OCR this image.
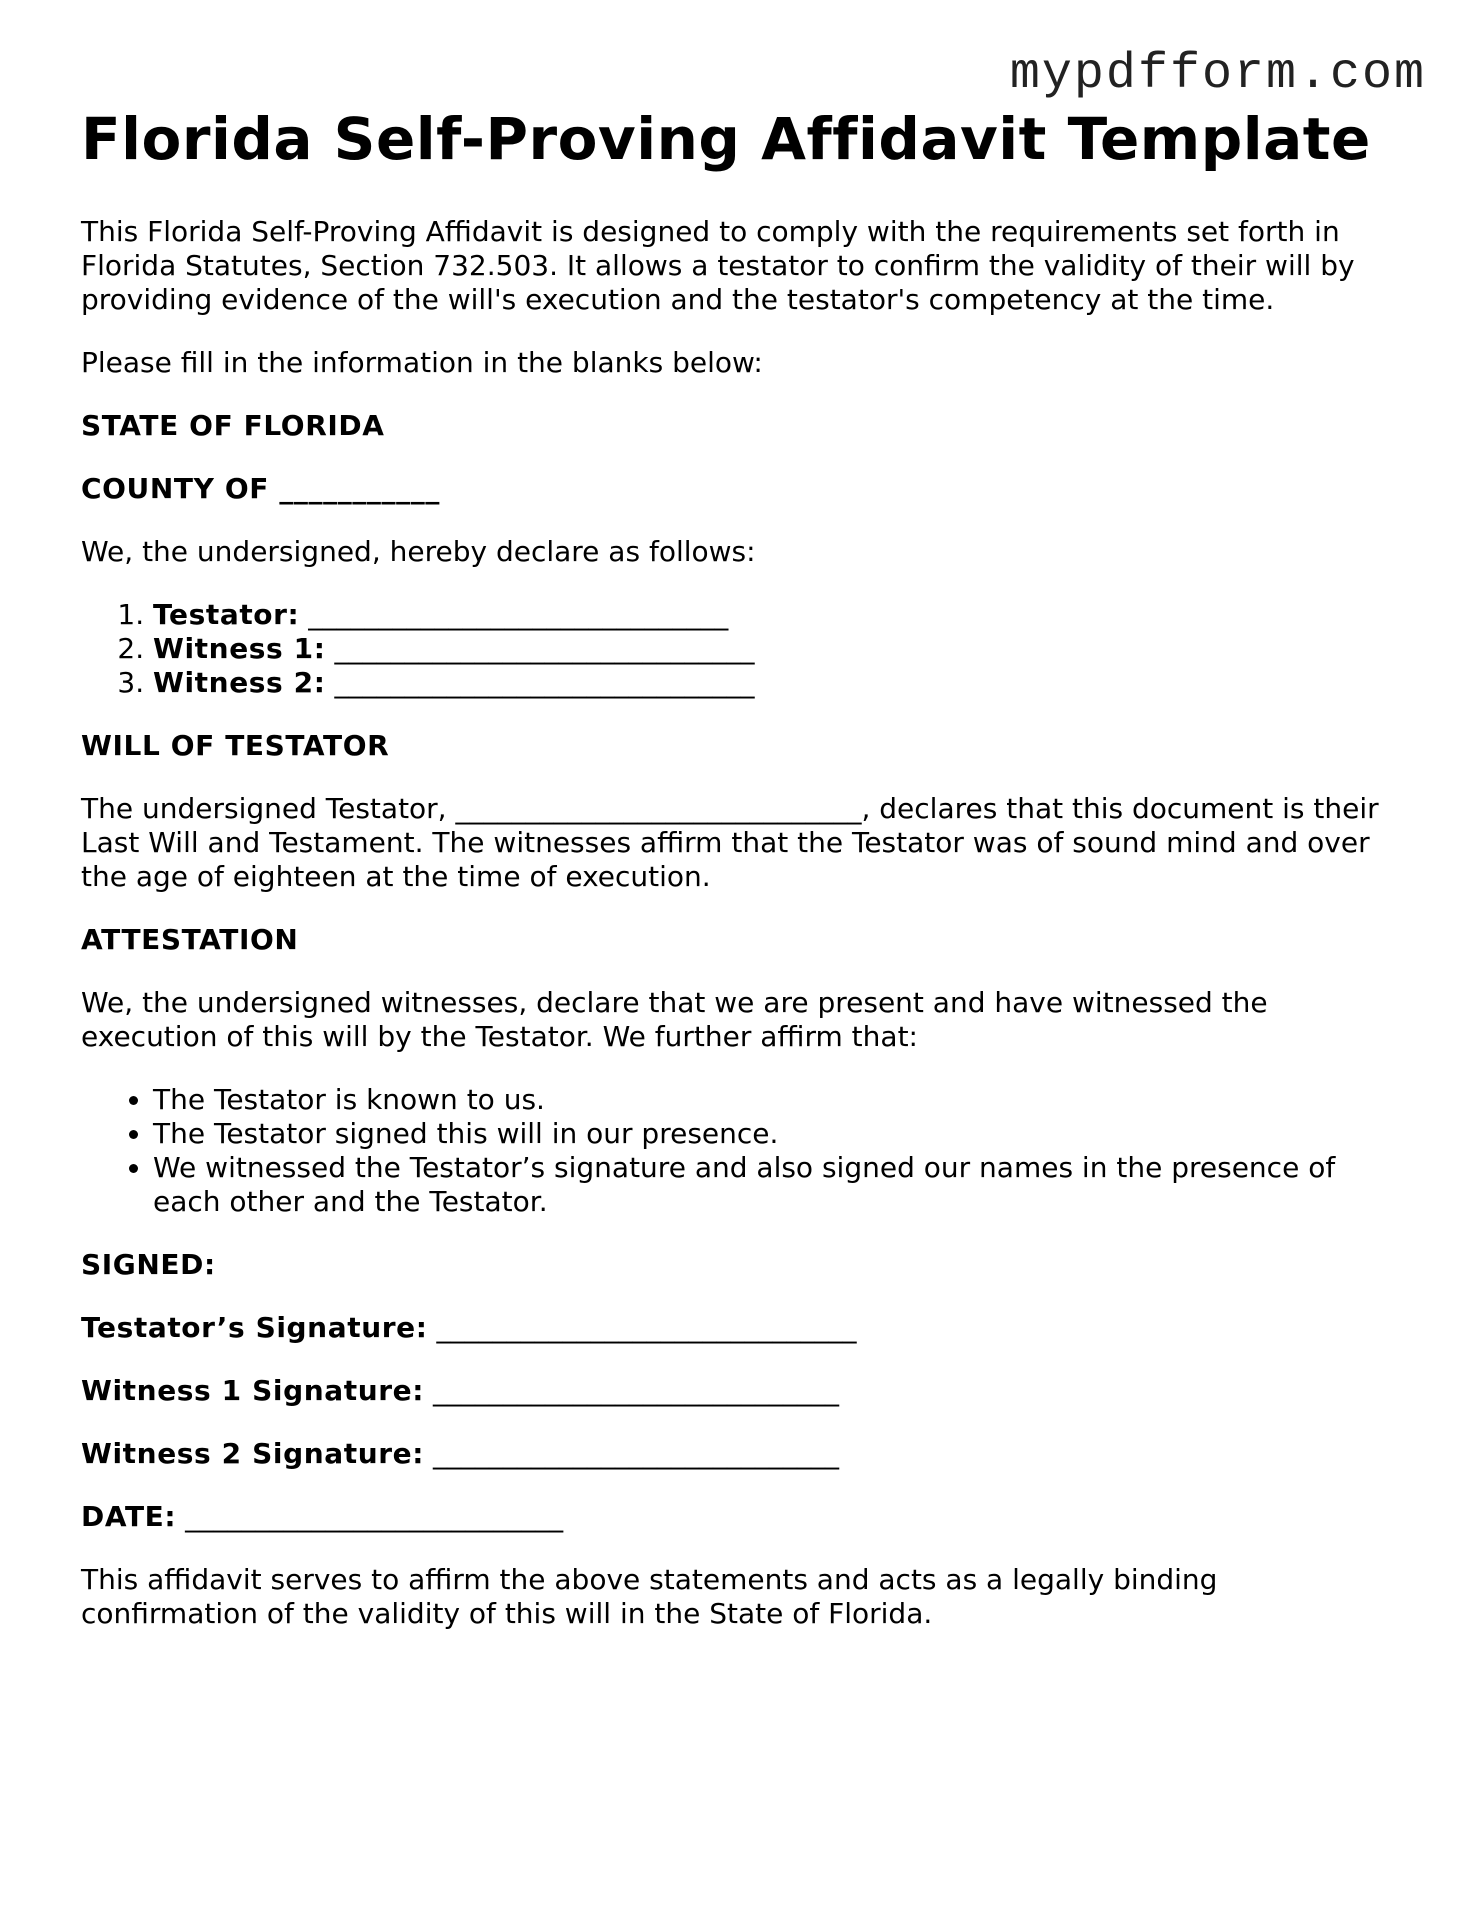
mypdfform.com
Florida Self-Proving Affidavit Template

This Florida Self-Proving Affidavit is designed to comply with the requirements set forth in Florida Statutes, Section 732.503. It allows a testator to confirm the validity of their will by providing evidence of the will's execution and the testator's competency at the time.

Please fill in the information in the blanks below:

STATE OF FLORIDA

COUNTY OF ___________

We, the undersigned, hereby declare as follows:

1. Testator: ______________________________
2. Witness 1: ______________________________
3. Witness 2: ______________________________

WILL OF TESTATOR

The undersigned Testator, _____________________________, declares that this document is their Last Will and Testament. The witnesses affirm that the Testator was of sound mind and over the age of eighteen at the time of execution.

ATTESTATION

We, the undersigned witnesses, declare that we are present and have witnessed the execution of this will by the Testator. We further affirm that:

• The Testator is known to us.
• The Testator signed this will in our presence.
• We witnessed the Testator’s signature and also signed our names in the presence of each other and the Testator.

SIGNED:

Testator’s Signature: ______________________________

Witness 1 Signature: _____________________________

Witness 2 Signature: _____________________________

DATE: ___________________________

This affidavit serves to affirm the above statements and acts as a legally binding confirmation of the validity of this will in the State of Florida.
